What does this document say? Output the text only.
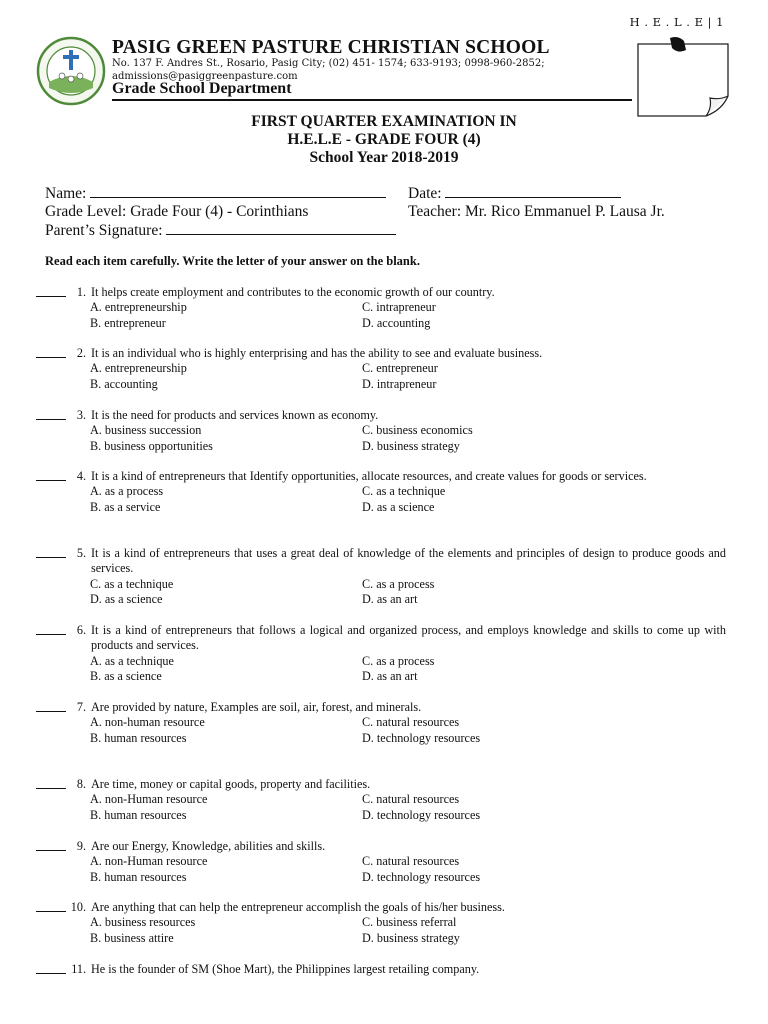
H . E . L . E | 1
PASIG GREEN PASTURE CHRISTIAN SCHOOL
No. 137 F. Andres St., Rosario, Pasig City; (02) 451- 1574; 633-9193; 0998-960-2852;
admissions@pasiggreenpasture.com
Grade School Department
FIRST QUARTER EXAMINATION IN
H.E.L.E - GRADE FOUR (4)
School Year 2018-2019
Name:	Date:
Grade Level: Grade Four (4) - Corinthians	Teacher: Mr. Rico Emmanuel P. Lausa Jr.
Parent’s Signature:
Read each item carefully. Write the letter of your answer on the blank.
1. It helps create employment and contributes to the economic growth of our country.
A. entrepreneurship	C. intrapreneur
B. entrepreneur	D. accounting
2. It is an individual who is highly enterprising and has the ability to see and evaluate business.
A. entrepreneurship	C. entrepreneur
B. accounting	D. intrapreneur
3. It is the need for products and services known as economy.
A. business succession	C. business economics
B. business opportunities	D. business strategy
4. It is a kind of entrepreneurs that Identify opportunities, allocate resources, and create values for goods or services.
A. as a process	C. as a technique
B. as a service	D. as a science
5. It is a kind of entrepreneurs that uses a great deal of knowledge of the elements and principles of design to produce goods and services.
C. as a technique	C. as a process
D. as a science	D. as an art
6. It is a kind of entrepreneurs that follows a logical and organized process, and employs knowledge and skills to come up with products and services.
A. as a technique	C. as a process
B. as a science	D. as an art
7. Are provided by nature, Examples are soil, air, forest, and minerals.
A. non-human resource	C. natural resources
B. human resources	D. technology resources
8. Are time, money or capital goods, property and facilities.
A. non-Human resource	C. natural resources
B. human resources	D. technology resources
9. Are our Energy, Knowledge, abilities and skills.
A. non-Human resource	C. natural resources
B. human resources	D. technology resources
10. Are anything that can help the entrepreneur accomplish the goals of his/her business.
A. business resources	C. business referral
B. business attire	D. business strategy
11. He is the founder of SM (Shoe Mart), the Philippines largest retailing company.
